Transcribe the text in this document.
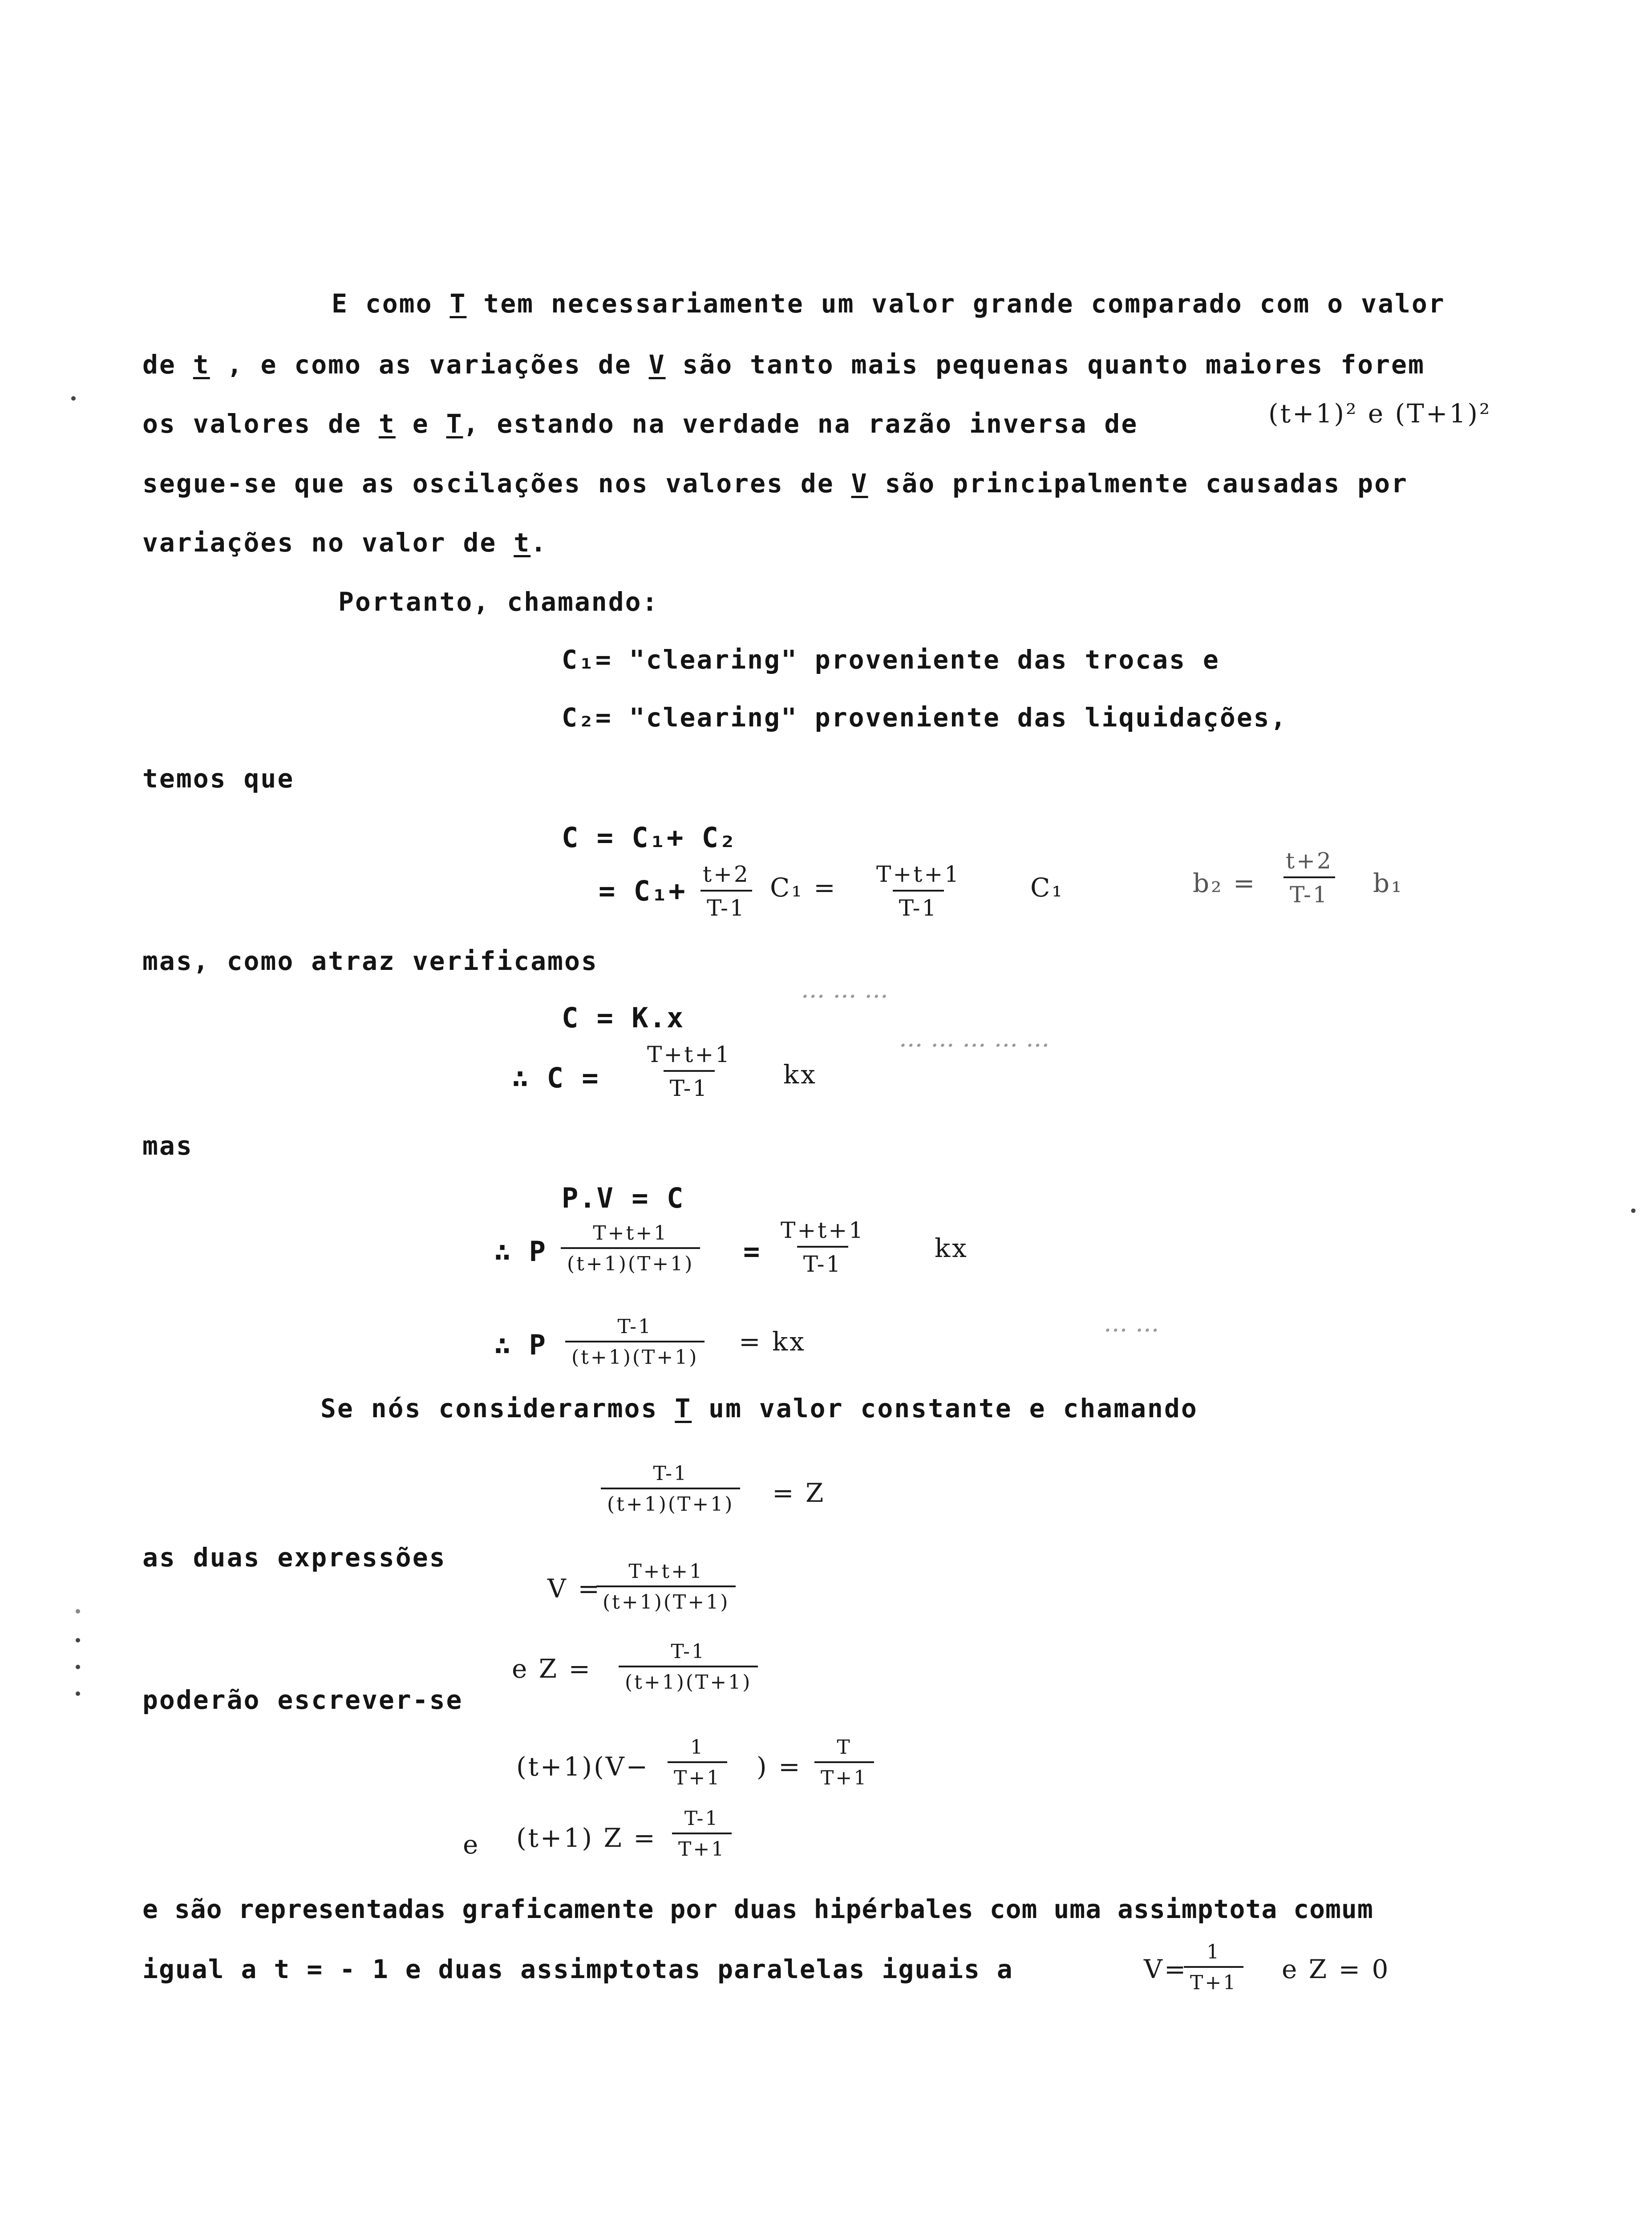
E como T tem necessariamente um valor grande comparado com o valor
de t , e como as variações de V são tanto mais pequenas quanto maiores forem
os valores de t e T, estando na verdade na razão inversa de	(t+1)² e (T+1)²
segue-se que as oscilações nos valores de V são principalmente causadas por
variações no valor de t.
Portanto, chamando:
C₁= "clearing" proveniente das trocas e
C₂= "clearing" proveniente das liquidações,
temos que
C = C₁+ C₂
= $C_1+ \frac{t+2}{T-1} C_1 = \frac{T+t+1}{T-1} C_1$	$b_2 = \frac{t+2}{T-1} b_1$
mas, como atraz verificamos
C = K.x
∴ $C = \frac{T+t+1}{T-1}$ kx
... ... ...
... ... ... ... ...
mas
P.V = C
∴ P $\frac{T+t+1}{(t+1)(T+1)} = \frac{T+t+1}{T-1}$ kx
∴ P $\frac{T-1}{(t+1)(T+1)}$ = kx
... ...
Se nós considerarmos T um valor constante e chamando
$\frac{T-1}{(t+1)(T+1)} = Z$
as duas expressões
V =
$\frac{T+t+1}{(t+1)(T+1)}$
e $Z = \frac{T-1}{(t+1)(T+1)}$
poderão escrever-se
$(t+1)(V- \frac{1}{T+1}$ ) = $\frac{T}{T+1}$
e (t+1) $Z = \frac{T-1}{T+1}$
e são representadas graficamente por duas hipérbales com uma assimptota comum
igual a t = - 1 e duas assimptotas paralelas iguais a	V=
$\frac{1}{T+1}$ e Z = 0
